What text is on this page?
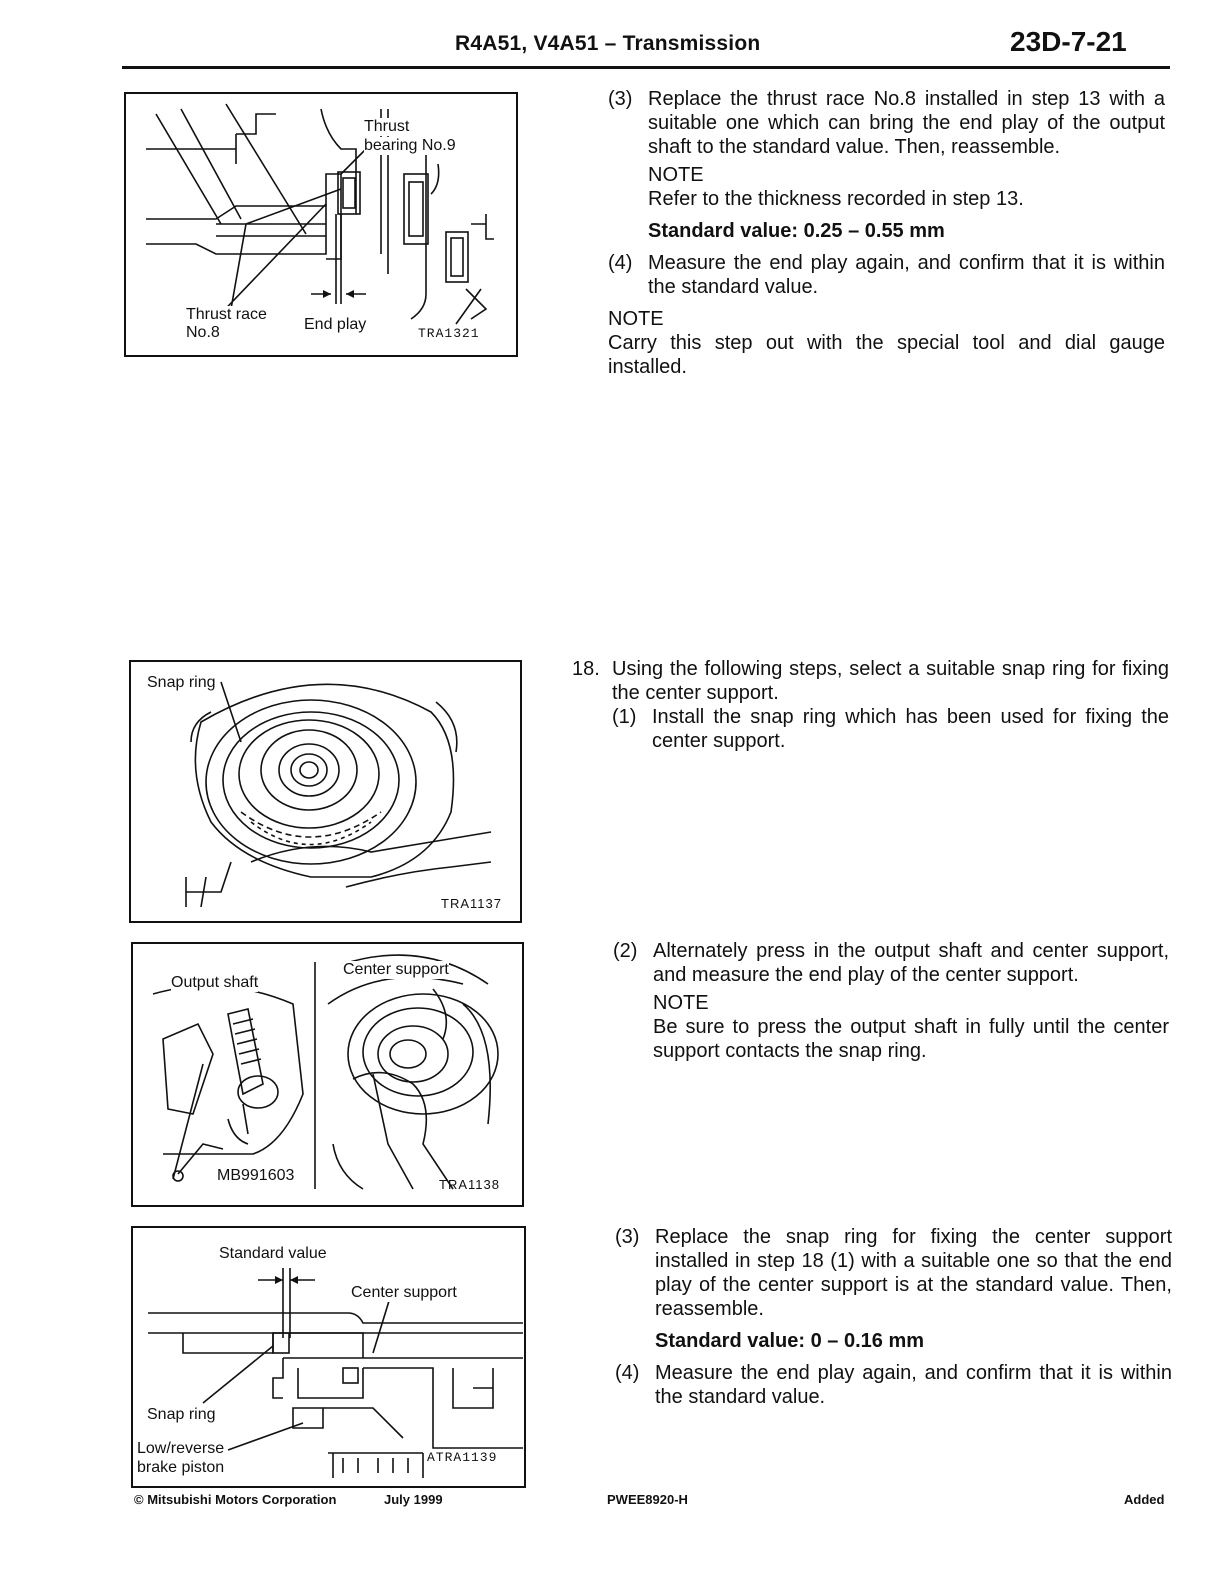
R4A51, V4A51 – Transmission	23D-7-21
Thrust
bearing No.9
Thrust race
No.8	End play
TRA1321
(3) Replace the thrust race No.8 installed in step 13 with a suitable one which can bring the end play of the output shaft to the standard value. Then, reassemble.
NOTE
Refer to the thickness recorded in step 13.
Standard value: 0.25 – 0.55 mm
(4) Measure the end play again, and confirm that it is within the standard value.
NOTE
Carry this step out with the special tool and dial gauge installed.
Snap ring
TRA1137
18. Using the following steps, select a suitable snap ring for fixing the center support.
(1) Install the snap ring which has been used for fixing the center support.
Output shaft
Center support
MB991603
TRA1138
(2) Alternately press in the output shaft and center support, and measure the end play of the center support.
NOTE
Be sure to press the output shaft in fully until the center support contacts the snap ring.
Standard value
Center support
Snap ring
Low/reverse
brake piston
ATRA1139
(3) Replace the snap ring for fixing the center support installed in step 18 (1) with a suitable one so that the end play of the center support is at the standard value. Then, reassemble.
Standard value: 0 – 0.16 mm
(4) Measure the end play again, and confirm that it is within the standard value.
© Mitsubishi Motors Corporation	July 1999	PWEE8920-H	Added
